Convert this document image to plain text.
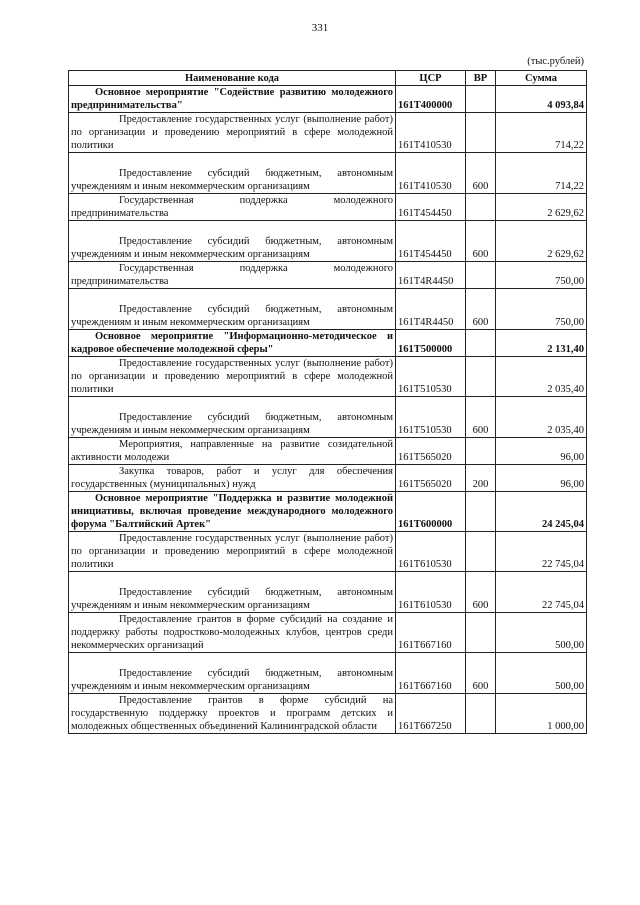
331
(тыс.рублей)
Наименование кода	ЦСР	ВР	Сумма
Основное мероприятие "Содействие развитию молодежного предпринимательства"	161Т400000		4 093,84
Предоставление государственных услуг (выполнение работ) по организации и проведению мероприятий в сфере молодежной политики	161Т410530		714,22
Предоставление субсидий бюджетным, автономным учреждениям и иным некоммерческим организациям	161Т410530	600	714,22
Государственная поддержка молодежного предпринимательства	161Т454450		2 629,62
Предоставление субсидий бюджетным, автономным учреждениям и иным некоммерческим организациям	161Т454450	600	2 629,62
Государственная поддержка молодежного предпринимательства	161Т4R4450		750,00
Предоставление субсидий бюджетным, автономным учреждениям и иным некоммерческим организациям	161Т4R4450	600	750,00
Основное мероприятие "Информационно-методическое и кадровое обеспечение молодежной сферы"	161Т500000		2 131,40
Предоставление государственных услуг (выполнение работ) по организации и проведению мероприятий в сфере молодежной политики	161Т510530		2 035,40
Предоставление субсидий бюджетным, автономным учреждениям и иным некоммерческим организациям	161Т510530	600	2 035,40
Мероприятия, направленные на развитие созидательной активности молодежи	161Т565020		96,00
Закупка товаров, работ и услуг для обеспечения государственных (муниципальных) нужд	161Т565020	200	96,00
Основное мероприятие "Поддержка и развитие молодежной инициативы, включая проведение международного молодежного форума "Балтийский Артек"	161Т600000		24 245,04
Предоставление государственных услуг (выполнение работ) по организации и проведению мероприятий в сфере молодежной политики	161Т610530		22 745,04
Предоставление субсидий бюджетным, автономным учреждениям и иным некоммерческим организациям	161Т610530	600	22 745,04
Предоставление грантов в форме субсидий на создание и поддержку работы подростково-молодежных клубов, центров среди некоммерческих организаций	161Т667160		500,00
Предоставление субсидий бюджетным, автономным учреждениям и иным некоммерческим организациям	161Т667160	600	500,00
Предоставление грантов в форме субсидий на государственную поддержку проектов и программ детских и молодежных общественных объединений Калининградской области	161Т667250		1 000,00
